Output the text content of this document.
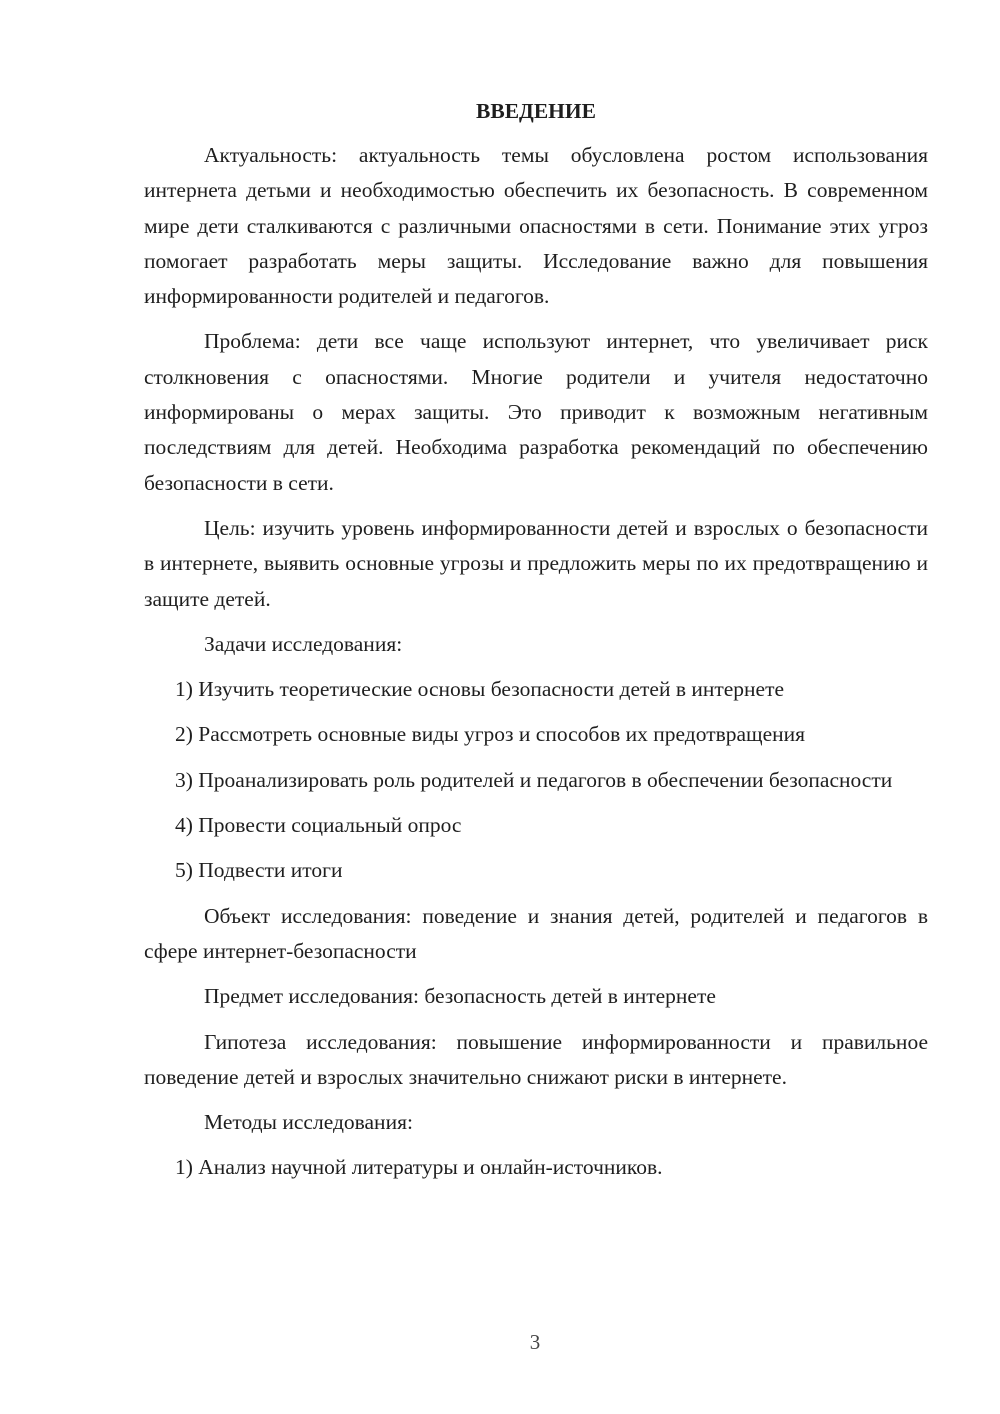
ВВЕДЕНИЕ

Актуальность: актуальность темы обусловлена ростом использования интернета детьми и необходимостью обеспечить их безопасность. В современном мире дети сталкиваются с различными опасностями в сети. Понимание этих угроз помогает разработать меры защиты. Исследование важно для повышения информированности родителей и педагогов.

Проблема: дети все чаще используют интернет, что увеличивает риск столкновения с опасностями. Многие родители и учителя недостаточно информированы о мерах защиты. Это приводит к возможным негативным последствиям для детей. Необходима разработка рекомендаций по обеспечению безопасности в сети.

Цель: изучить уровень информированности детей и взрослых о безопасности в интернете, выявить основные угрозы и предложить меры по их предотвращению и защите детей.

Задачи исследования:

1) Изучить теоретические основы безопасности детей в интернете

2) Рассмотреть основные виды угроз и способов их предотвращения

3) Проанализировать роль родителей и педагогов в обеспечении безопасности

4) Провести социальный опрос

5) Подвести итоги

Объект исследования: поведение и знания детей, родителей и педагогов в сфере интернет-безопасности

Предмет исследования: безопасность детей в интернете

Гипотеза исследования: повышение информированности и правильное поведение детей и взрослых значительно снижают риски в интернете.

Методы исследования:

1) Анализ научной литературы и онлайн-источников.

3
